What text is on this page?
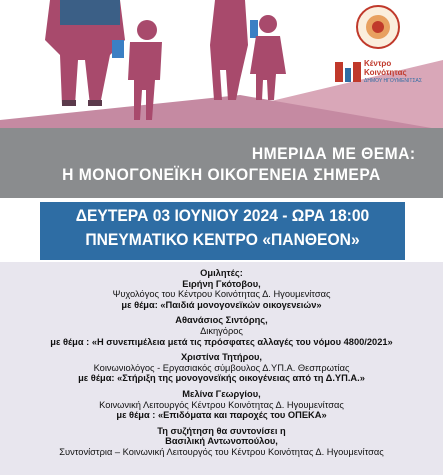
Κέντρο
Κοινότητας
ΔΗΜΟΥ ΗΓΟΥΜΕΝΙΤΣΑΣ
ΗΜΕΡΙΔΑ ΜΕ ΘΕΜΑ:
Η ΜΟΝΟΓΟΝΕΪΚΗ ΟΙΚΟΓΕΝΕΙΑ ΣΗΜΕΡΑ
ΔΕΥΤΕΡΑ 03 ΙΟΥΝΙΟΥ 2024 - ΩΡΑ 18:00
ΠΝΕΥΜΑΤΙΚΟ ΚΕΝΤΡΟ «ΠΑΝΘΕΟΝ»
Ομιλητές:
Ειρήνη Γκότοβου,
Ψυχολόγος του Κέντρου Κοινότητας Δ. Ηγουμενίτσας
με θέμα: «Παιδιά μονογονεϊκών οικογενειών»
Αθανάσιος Σιντόρης,
Δικηγόρος
με θέμα : «Η συνεπιμέλεια μετά τις πρόσφατες αλλαγές του νόμου 4800/2021»
Χριστίνα Τητήρου,
Κοινωνιολόγος - Εργασιακός σύμβουλος Δ.ΥΠ.Α. Θεσπρωτίας
με θέμα: «Στήριξη της μονογονεϊκής οικογένειας από τη Δ.ΥΠ.Α.»
Μελίνα Γεωργίου,
Κοινωνική Λειτουργός Κέντρου Κοινότητας Δ. Ηγουμενίτσας
με θέμα : «Επιδόματα και παροχές του ΟΠΕΚΑ»
Τη συζήτηση θα συντονίσει η
Βασιλική Αντωνοπούλου,
Συντονίστρια – Κοινωνική Λειτουργός του Κέντρου Κοινότητας Δ. Ηγουμενίτσας
